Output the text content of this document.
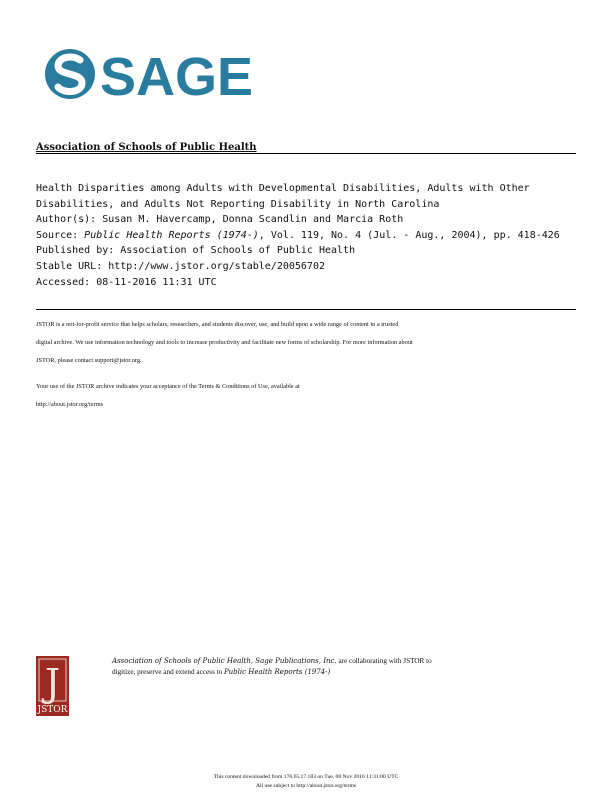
SAGE
Association of Schools of Public Health
Health Disparities among Adults with Developmental Disabilities, Adults with Other
Disabilities, and Adults Not Reporting Disability in North Carolina
Author(s): Susan M. Havercamp, Donna Scandlin and Marcia Roth
Source: Public Health Reports (1974-), Vol. 119, No. 4 (Jul. - Aug., 2004), pp. 418-426
Published by: Association of Schools of Public Health
Stable URL: http://www.jstor.org/stable/20056702
Accessed: 08-11-2016 11:31 UTC

JSTOR is a not-for-profit service that helps scholars, researchers, and students discover, use, and build upon a wide range of content in a trusted

digital archive. We use information technology and tools to increase productivity and facilitate new forms of scholarship. For more information about

JSTOR, please contact support@jstor.org.

Your use of the JSTOR archive indicates your acceptance of the Terms & Conditions of Use, available at

http://about.jstor.org/terms

J
JSTOR
Association of Schools of Public Health, Sage Publications, Inc. are collaborating with JSTOR to
digitize, preserve and extend access to Public Health Reports (1974-)
This content downloaded from 176.65.17.183 on Tue, 08 Nov 2016 11:31:00 UTC
All use subject to http://about.jstor.org/terms
